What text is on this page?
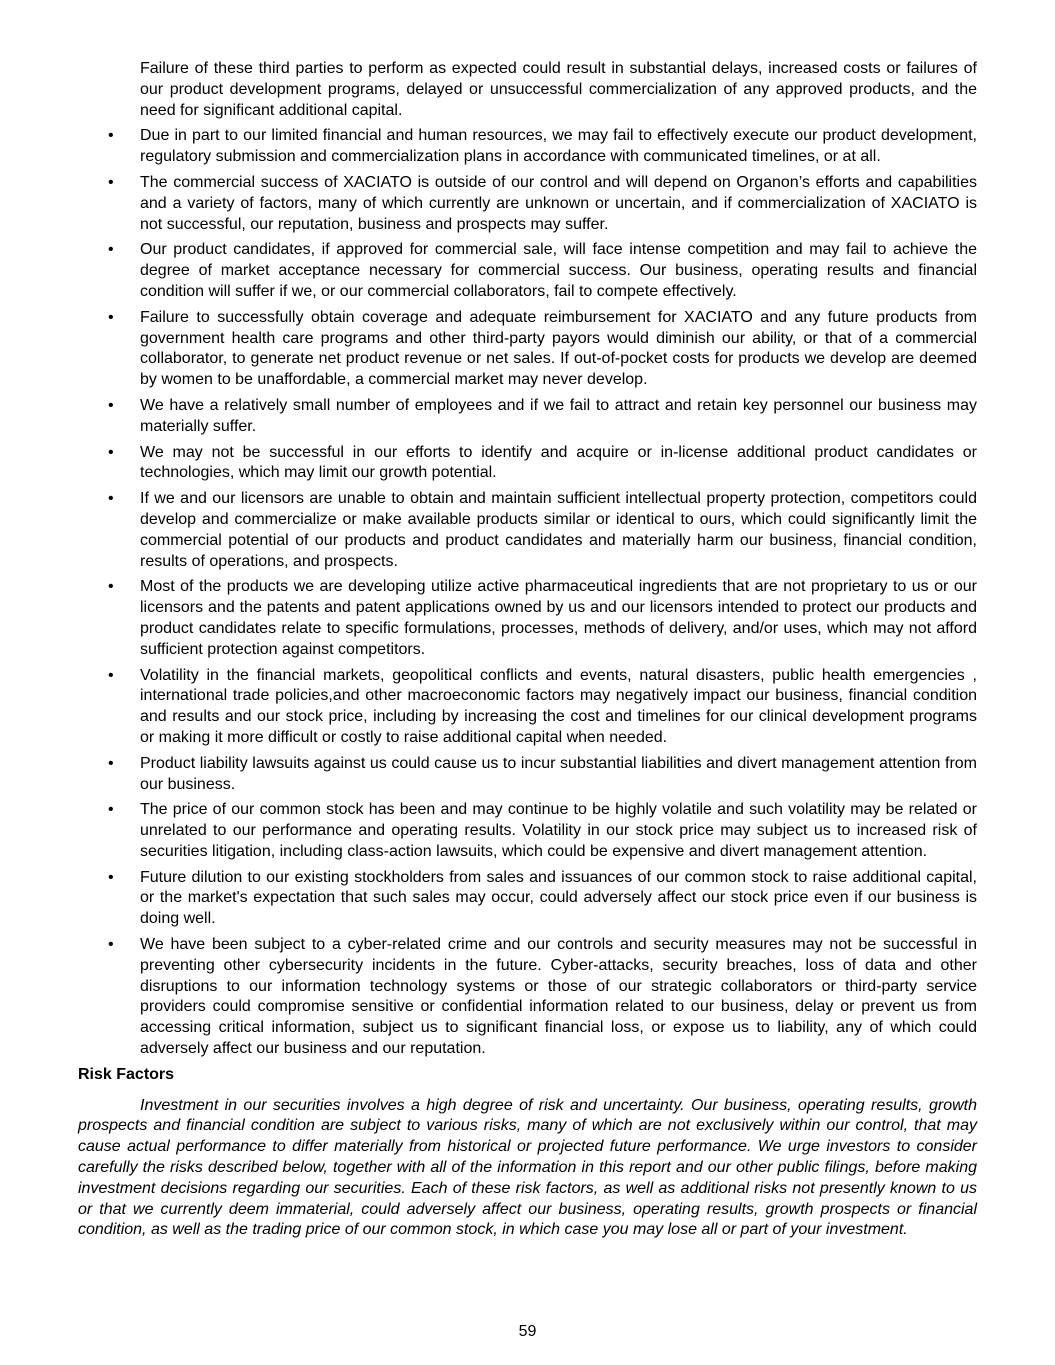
Failure of these third parties to perform as expected could result in substantial delays, increased costs or failures of our product development programs, delayed or unsuccessful commercialization of any approved products, and the need for significant additional capital.

• Due in part to our limited financial and human resources, we may fail to effectively execute our product development, regulatory submission and commercialization plans in accordance with communicated timelines, or at all.
• The commercial success of XACIATO is outside of our control and will depend on Organon’s efforts and capabilities and a variety of factors, many of which currently are unknown or uncertain, and if commercialization of XACIATO is not successful, our reputation, business and prospects may suffer.
• Our product candidates, if approved for commercial sale, will face intense competition and may fail to achieve the degree of market acceptance necessary for commercial success. Our business, operating results and financial condition will suffer if we, or our commercial collaborators, fail to compete effectively.
• Failure to successfully obtain coverage and adequate reimbursement for XACIATO and any future products from government health care programs and other third-party payors would diminish our ability, or that of a commercial collaborator, to generate net product revenue or net sales. If out-of-pocket costs for products we develop are deemed by women to be unaffordable, a commercial market may never develop.
• We have a relatively small number of employees and if we fail to attract and retain key personnel our business may materially suffer.
• We may not be successful in our efforts to identify and acquire or in-license additional product candidates or technologies, which may limit our growth potential.
• If we and our licensors are unable to obtain and maintain sufficient intellectual property protection, competitors could develop and commercialize or make available products similar or identical to ours, which could significantly limit the commercial potential of our products and product candidates and materially harm our business, financial condition, results of operations, and prospects.
• Most of the products we are developing utilize active pharmaceutical ingredients that are not proprietary to us or our licensors and the patents and patent applications owned by us and our licensors intended to protect our products and product candidates relate to specific formulations, processes, methods of delivery, and/or uses, which may not afford sufficient protection against competitors.
• Volatility in the financial markets, geopolitical conflicts and events, natural disasters, public health emergencies , international trade policies,and other macroeconomic factors may negatively impact our business, financial condition and results and our stock price, including by increasing the cost and timelines for our clinical development programs or making it more difficult or costly to raise additional capital when needed.
• Product liability lawsuits against us could cause us to incur substantial liabilities and divert management attention from our business.
• The price of our common stock has been and may continue to be highly volatile and such volatility may be related or unrelated to our performance and operating results. Volatility in our stock price may subject us to increased risk of securities litigation, including class-action lawsuits, which could be expensive and divert management attention.
• Future dilution to our existing stockholders from sales and issuances of our common stock to raise additional capital, or the market's expectation that such sales may occur, could adversely affect our stock price even if our business is doing well.
• We have been subject to a cyber-related crime and our controls and security measures may not be successful in preventing other cybersecurity incidents in the future. Cyber-attacks, security breaches, loss of data and other disruptions to our information technology systems or those of our strategic collaborators or third-party service providers could compromise sensitive or confidential information related to our business, delay or prevent us from accessing critical information, subject us to significant financial loss, or expose us to liability, any of which could adversely affect our business and our reputation.
Risk Factors

Investment in our securities involves a high degree of risk and uncertainty. Our business, operating results, growth prospects and financial condition are subject to various risks, many of which are not exclusively within our control, that may cause actual performance to differ materially from historical or projected future performance. We urge investors to consider carefully the risks described below, together with all of the information in this report and our other public filings, before making investment decisions regarding our securities. Each of these risk factors, as well as additional risks not presently known to us or that we currently deem immaterial, could adversely affect our business, operating results, growth prospects or financial condition, as well as the trading price of our common stock, in which case you may lose all or part of your investment.

59
